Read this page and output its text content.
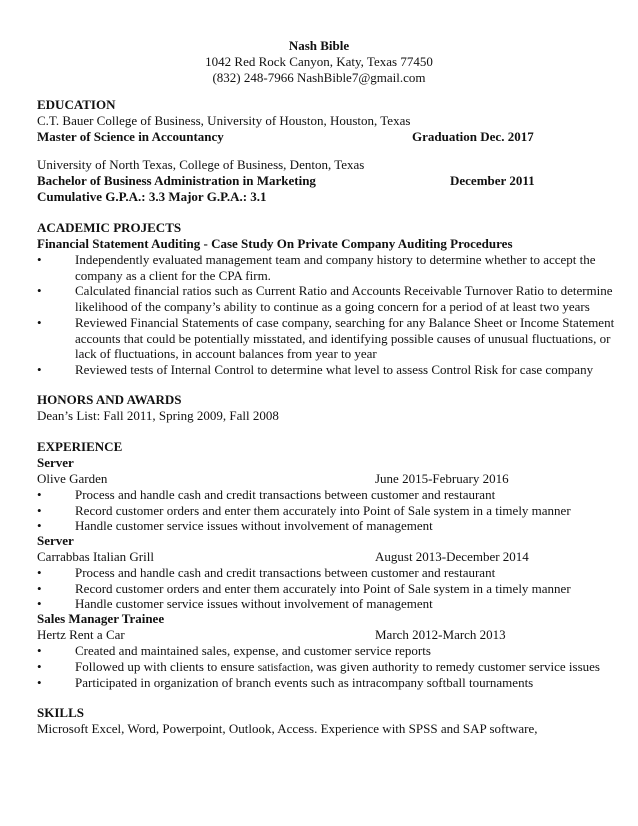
Nash Bible
1042 Red Rock Canyon, Katy, Texas 77450
(832) 248-7966 NashBible7@gmail.com
EDUCATION
C.T. Bauer College of Business, University of Houston, Houston, Texas
Master of Science in Accountancy	Graduation Dec. 2017
University of North Texas, College of Business, Denton, Texas
Bachelor of Business Administration in Marketing	December 2011
Cumulative G.P.A.: 3.3 Major G.P.A.: 3.1
ACADEMIC PROJECTS
Financial Statement Auditing - Case Study On Private Company Auditing Procedures
•	Independently evaluated management team and company history to determine whether to accept the
company as a client for the CPA firm.
•	Calculated financial ratios such as Current Ratio and Accounts Receivable Turnover Ratio to determine
likelihood of the company’s ability to continue as a going concern for a period of at least two years
•	Reviewed Financial Statements of case company, searching for any Balance Sheet or Income Statement
accounts that could be potentially misstated, and identifying possible causes of unusual fluctuations, or
lack of fluctuations, in account balances from year to year
•	Reviewed tests of Internal Control to determine what level to assess Control Risk for case company
HONORS AND AWARDS
Dean’s List: Fall 2011, Spring 2009, Fall 2008
EXPERIENCE
Server
Olive Garden	June 2015-February 2016
•	Process and handle cash and credit transactions between customer and restaurant
•	Record customer orders and enter them accurately into Point of Sale system in a timely manner
•	Handle customer service issues without involvement of management
Server
Carrabbas Italian Grill	August 2013-December 2014
•	Process and handle cash and credit transactions between customer and restaurant
•	Record customer orders and enter them accurately into Point of Sale system in a timely manner
•	Handle customer service issues without involvement of management
Sales Manager Trainee
Hertz Rent a Car	March 2012-March 2013
•	Created and maintained sales, expense, and customer service reports
•	Followed up with clients to ensure satisfaction, was given authority to remedy customer service issues
•	Participated in organization of branch events such as intracompany softball tournaments
SKILLS
Microsoft Excel, Word, Powerpoint, Outlook, Access. Experience with SPSS and SAP software,
